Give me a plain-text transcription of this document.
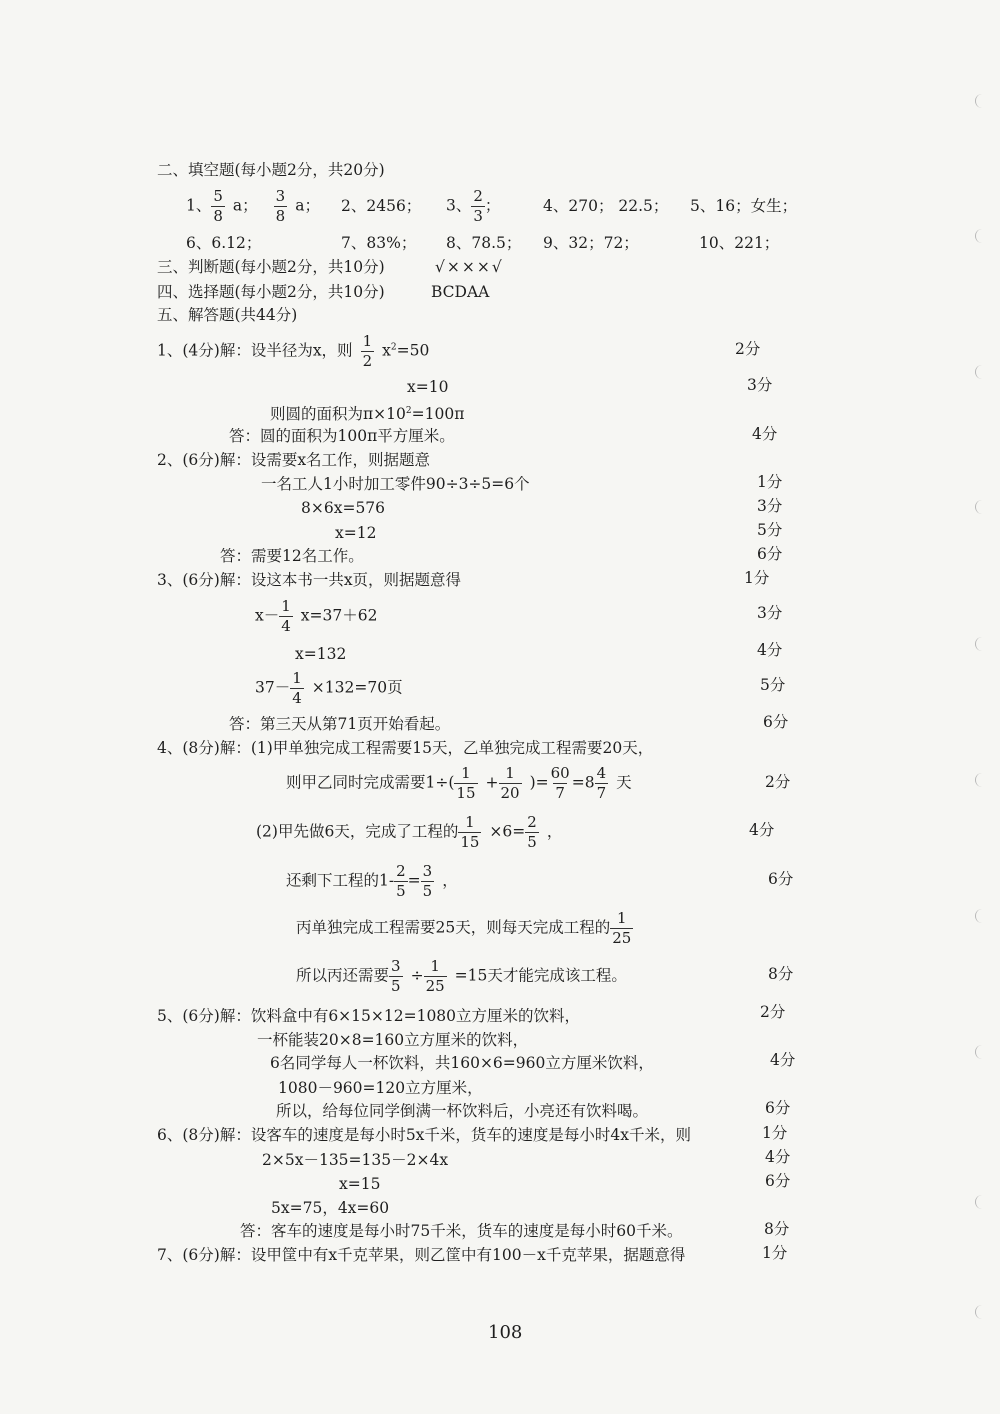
二、填空题(每小题2分，共20分)
1、 $\frac{5}{8}$ a； $\frac{3}{8}$ a； 2、2456； 3、 $\frac{2}{3}$ ；	4、270； 22.5； 5、16；女生；
6、6.12；	7、83%； 8、78.5； 9、32；72；	10、221；
三、判断题(每小题2分，共10分)	√×××√
四、选择题(每小题2分，共10分)	BCDAA
五、解答题(共44分)
1、(4分)解：设半径为x，则 $\frac{1}{2} x^2=50$	2分
x=10	3分
则圆的面积为$\pi\times 10^2=100\pi$
答：圆的面积为100π平方厘米。	4分
2、(6分)解：设需要x名工作，则据题意
一名工人1小时加工零件90÷3÷5=6个	1分
8×6x=576	3分
x=12	5分
答：需要12名工作。	6分
3、(6分)解：设这本书一共x页，则据题意得	1分
$x- \frac{1}{4} x=37+62$	3分
x=132	4分
$37- \frac{1}{4} \times 132=70$页	5分
答：第三天从第71页开始看起。	6分
4、(8分)解：(1)甲单独完成工程需要15天，乙单独完成工程需要20天，
则甲乙同时完成需要$1\div( \frac{1}{15} + \frac{1}{20}$ )= $\frac{60}{7} =8 \frac{4}{7}$ 天	2分
(2)甲先做6天，完成了工程的 $\frac{1}{15} \times 6= \frac{2}{5}$ ，	4分
还剩下工程的$1- \frac{2}{5} = \frac{3}{5}$ ，	6分
丙单独完成工程需要25天，则每天完成工程的 $\frac{1}{25}$
所以丙还需要 $\frac{3}{5} \div \frac{1}{25} =15$天才能完成该工程。	8分
5、(6分)解：饮料盒中有6×15×12=1080立方厘米的饮料，	2分
一杯能装20×8=160立方厘米的饮料，
6名同学每人一杯饮料，共160×6=960立方厘米饮料，	4分
1080－960=120立方厘米，
所以，给每位同学倒满一杯饮料后，小亮还有饮料喝。	6分
6、(8分)解：设客车的速度是每小时5x千米，货车的速度是每小时4x千米，则	1分
2×5x－135=135－2×4x	4分
x=15	6分
5x=75，4x=60
答：客车的速度是每小时75千米，货车的速度是每小时60千米。	8分
7、(6分)解：设甲筐中有x千克苹果，则乙筐中有100－x千克苹果，据题意得	1分
108
